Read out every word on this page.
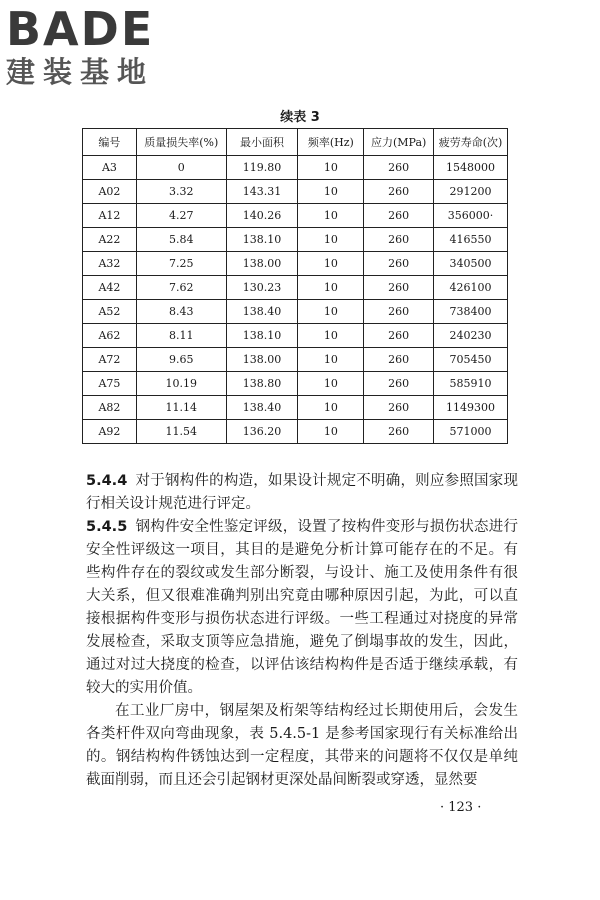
BADE
建装基地
续表 3
编号	质量损失率(%)	最小面积	频率(Hz)	应力(MPa)	疲劳寿命(次)
A3	0	119.80	10	260	1548000
A02	3.32	143.31	10	260	291200
A12	4.27	140.26	10	260	356000·
A22	5.84	138.10	10	260	416550
A32	7.25	138.00	10	260	340500
A42	7.62	130.23	10	260	426100
A52	8.43	138.40	10	260	738400
A62	8.11	138.10	10	260	240230
A72	9.65	138.00	10	260	705450
A75	10.19	138.80	10	260	585910
A82	11.14	138.40	10	260	1149300
A92	11.54	136.20	10	260	571000

5.4.4 对于钢构件的构造，如果设计规定不明确，则应参照国家现行相关设计规范进行评定。

5.4.5 钢构件安全性鉴定评级，设置了按构件变形与损伤状态进行安全性评级这一项目，其目的是避免分析计算可能存在的不足。有些构件存在的裂纹或发生部分断裂，与设计、施工及使用条件有很大关系，但又很难准确判别出究竟由哪种原因引起，为此，可以直接根据构件变形与损伤状态进行评级。一些工程通过对挠度的异常发展检查，采取支顶等应急措施，避免了倒塌事故的发生，因此，通过对过大挠度的检查，以评估该结构构件是否适于继续承载，有较大的实用价值。

在工业厂房中，钢屋架及桁架等结构经过长期使用后，会发生各类杆件双向弯曲现象，表 5.4.5-1 是参考国家现行有关标准给出的。钢结构构件锈蚀达到一定程度，其带来的问题将不仅仅是单纯截面削弱，而且还会引起钢材更深处晶间断裂或穿透，显然要

· 123 ·
